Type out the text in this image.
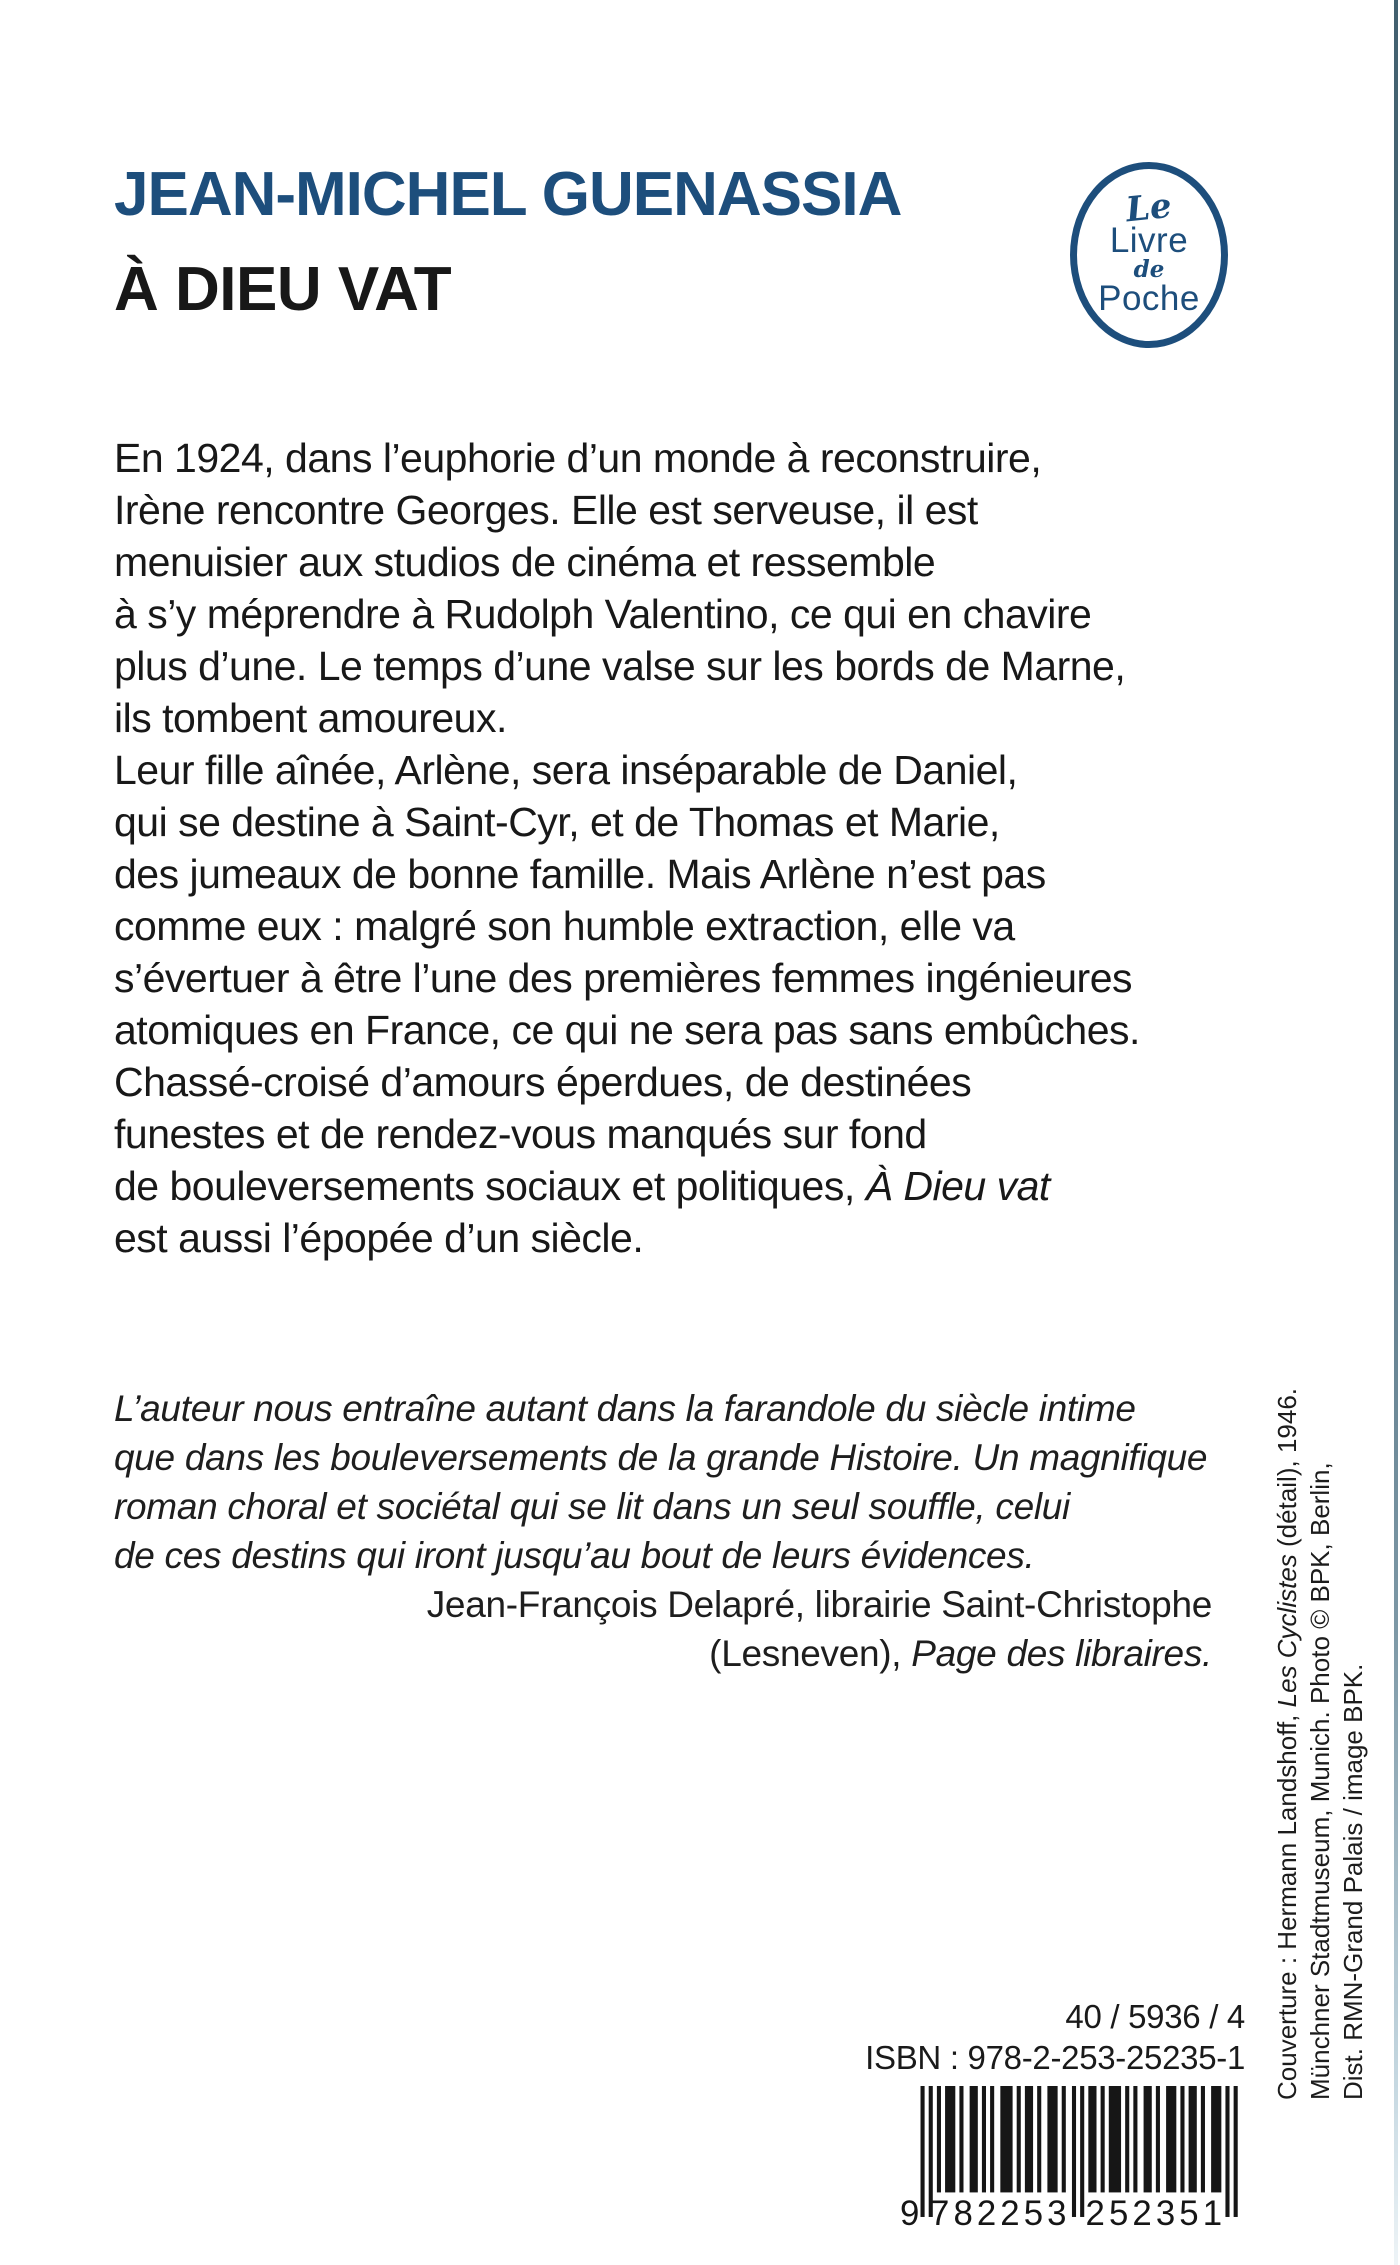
JEAN-MICHEL GUENASSIA
À DIEU VAT
Le
Livre
de
Poche
En 1924, dans l’euphorie d’un monde à reconstruire,
Irène rencontre Georges. Elle est serveuse, il est
menuisier aux studios de cinéma et ressemble
à s’y méprendre à Rudolph Valentino, ce qui en chavire
plus d’une. Le temps d’une valse sur les bords de Marne,
ils tombent amoureux.
Leur fille aînée, Arlène, sera inséparable de Daniel,
qui se destine à Saint-Cyr, et de Thomas et Marie,
des jumeaux de bonne famille. Mais Arlène n’est pas
comme eux : malgré son humble extraction, elle va
s’évertuer à être l’une des premières femmes ingénieures
atomiques en France, ce qui ne sera pas sans embûches.
Chassé-croisé d’amours éperdues, de destinées
funestes et de rendez-vous manqués sur fond
de bouleversements sociaux et politiques, À Dieu vat
est aussi l’épopée d’un siècle.
L’auteur nous entraîne autant dans la farandole du siècle intime
que dans les bouleversements de la grande Histoire. Un magnifique
roman choral et sociétal qui se lit dans un seul souffle, celui
de ces destins qui iront jusqu’au bout de leurs évidences.
Jean-François Delapré, librairie Saint-Christophe
(Lesneven), Page des libraires.
Couverture : Hermann Landshoff, Les Cyclistes (détail), 1946. Münchner Stadtmuseum, Munich. Photo © BPK, Berlin, Dist. RMN-Grand Palais / image BPK.
40 / 5936 / 4
ISBN : 978-2-253-25235-1
9 782253 252351
